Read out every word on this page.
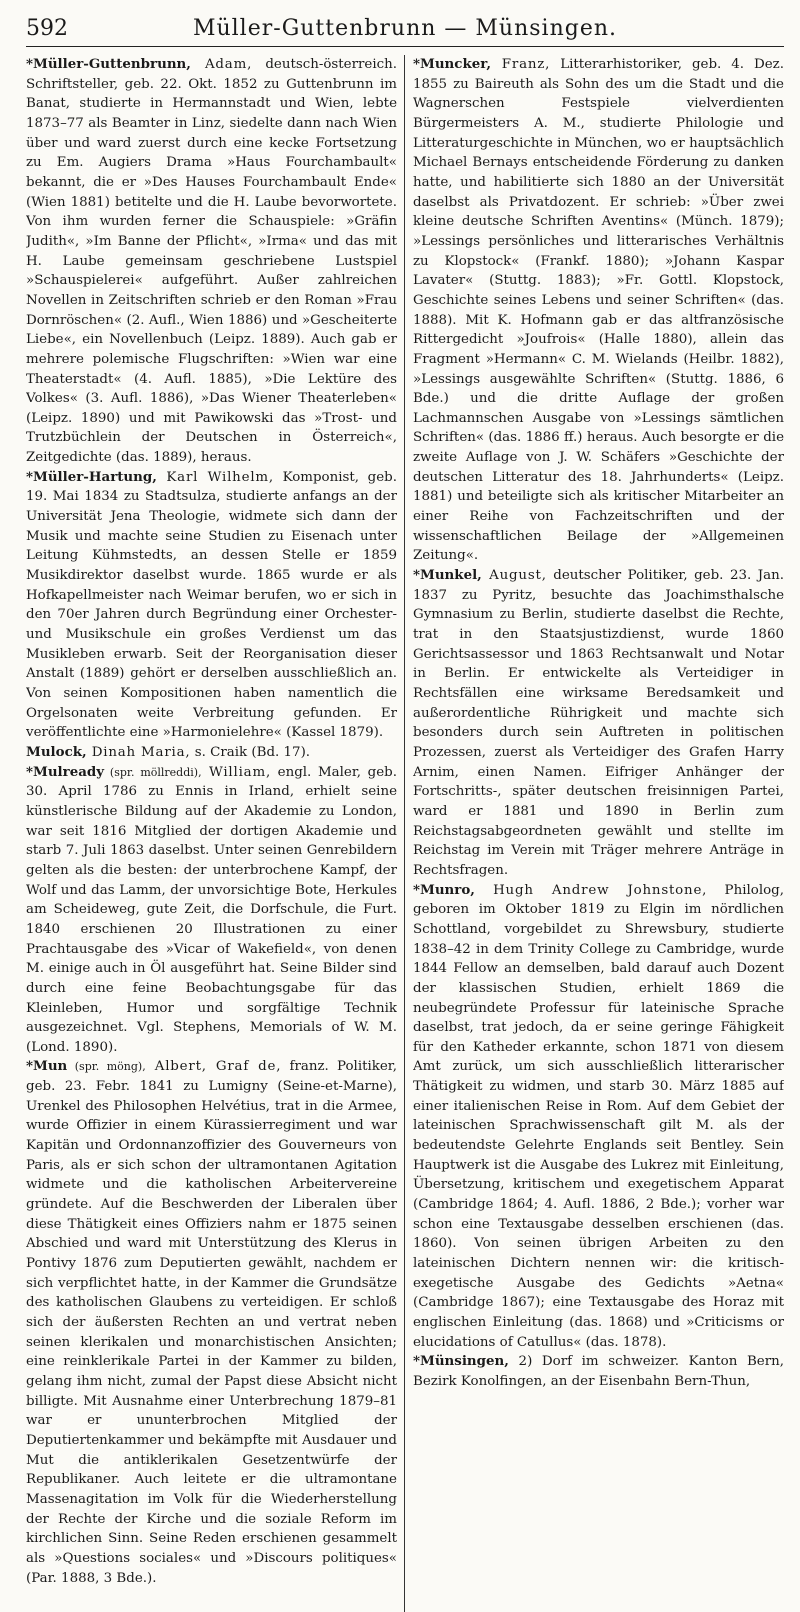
592	Müller-Guttenbrunn — Münsingen.

*Müller-Guttenbrunn, Adam, deutsch-österreich. Schriftsteller, geb. 22. Okt. 1852 zu Guttenbrunn im Banat, studierte in Hermannstadt und Wien, lebte 1873–77 als Beamter in Linz, siedelte dann nach Wien über und ward zuerst durch eine kecke Fortsetzung zu Em. Augiers Drama »Haus Fourchambault« bekannt, die er »Des Hauses Fourchambault Ende« (Wien 1881) betitelte und die H. Laube bevorwortete. Von ihm wurden ferner die Schauspiele: »Gräfin Judith«, »Im Banne der Pflicht«, »Irma« und das mit H. Laube gemeinsam geschriebene Lustspiel »Schauspielerei« aufgeführt. Außer zahlreichen Novellen in Zeitschriften schrieb er den Roman »Frau Dornröschen« (2. Aufl., Wien 1886) und »Gescheiterte Liebe«, ein Novellenbuch (Leipz. 1889). Auch gab er mehrere polemische Flugschriften: »Wien war eine Theaterstadt« (4. Aufl. 1885), »Die Lektüre des Volkes« (3. Aufl. 1886), »Das Wiener Theaterleben« (Leipz. 1890) und mit Pawikowski das »Trost- und Trutzbüchlein der Deutschen in Österreich«, Zeitgedichte (das. 1889), heraus.

*Müller-Hartung, Karl Wilhelm, Komponist, geb. 19. Mai 1834 zu Stadtsulza, studierte anfangs an der Universität Jena Theologie, widmete sich dann der Musik und machte seine Studien zu Eisenach unter Leitung Kühmstedts, an dessen Stelle er 1859 Musikdirektor daselbst wurde. 1865 wurde er als Hofkapellmeister nach Weimar berufen, wo er sich in den 70er Jahren durch Begründung einer Orchester- und Musikschule ein großes Verdienst um das Musikleben erwarb. Seit der Reorganisation dieser Anstalt (1889) gehört er derselben ausschließlich an. Von seinen Kompositionen haben namentlich die Orgelsonaten weite Verbreitung gefunden. Er veröffentlichte eine »Harmonielehre« (Kassel 1879).

Mulock, Dinah Maria, s. Craik (Bd. 17).

*Mulready (spr. möllreddi), William, engl. Maler, geb. 30. April 1786 zu Ennis in Irland, erhielt seine künstlerische Bildung auf der Akademie zu London, war seit 1816 Mitglied der dortigen Akademie und starb 7. Juli 1863 daselbst. Unter seinen Genrebildern gelten als die besten: der unterbrochene Kampf, der Wolf und das Lamm, der unvorsichtige Bote, Herkules am Scheideweg, gute Zeit, die Dorfschule, die Furt. 1840 erschienen 20 Illustrationen zu einer Prachtausgabe des »Vicar of Wakefield«, von denen M. einige auch in Öl ausgeführt hat. Seine Bilder sind durch eine feine Beobachtungsgabe für das Kleinleben, Humor und sorgfältige Technik ausgezeichnet. Vgl. Stephens, Memorials of W. M. (Lond. 1890).

*Mun (spr. möng), Albert, Graf de, franz. Politiker, geb. 23. Febr. 1841 zu Lumigny (Seine-et-Marne), Urenkel des Philosophen Helvétius, trat in die Armee, wurde Offizier in einem Kürassierregiment und war Kapitän und Ordonnanzoffizier des Gouverneurs von Paris, als er sich schon der ultramontanen Agitation widmete und die katholischen Arbeitervereine gründete. Auf die Beschwerden der Liberalen über diese Thätigkeit eines Offiziers nahm er 1875 seinen Abschied und ward mit Unterstützung des Klerus in Pontivy 1876 zum Deputierten gewählt, nachdem er sich verpflichtet hatte, in der Kammer die Grundsätze des katholischen Glaubens zu verteidigen. Er schloß sich der äußersten Rechten an und vertrat neben seinen klerikalen und monarchistischen Ansichten; eine reinklerikale Partei in der Kammer zu bilden, gelang ihm nicht, zumal der Papst diese Absicht nicht billigte. Mit Ausnahme einer Unterbrechung 1879–81 war er ununterbrochen Mitglied der Deputiertenkammer und bekämpfte mit Ausdauer und Mut die antiklerikalen Gesetzentwürfe der Republikaner. Auch leitete er die ultramontane Massenagitation im Volk für die Wiederherstellung der Rechte der Kirche und die soziale Reform im kirchlichen Sinn. Seine Reden erschienen gesammelt als »Questions sociales« und »Discours politiques« (Par. 1888, 3 Bde.).

*Muncker, Franz, Litterarhistoriker, geb. 4. Dez. 1855 zu Baireuth als Sohn des um die Stadt und die Wagnerschen Festspiele vielverdienten Bürgermeisters A. M., studierte Philologie und Litteraturgeschichte in München, wo er hauptsächlich Michael Bernays entscheidende Förderung zu danken hatte, und habilitierte sich 1880 an der Universität daselbst als Privatdozent. Er schrieb: »Über zwei kleine deutsche Schriften Aventins« (Münch. 1879); »Lessings persönliches und litterarisches Verhältnis zu Klopstock« (Frankf. 1880); »Johann Kaspar Lavater« (Stuttg. 1883); »Fr. Gottl. Klopstock, Geschichte seines Lebens und seiner Schriften« (das. 1888). Mit K. Hofmann gab er das altfranzösische Rittergedicht »Joufrois« (Halle 1880), allein das Fragment »Hermann« C. M. Wielands (Heilbr. 1882), »Lessings ausgewählte Schriften« (Stuttg. 1886, 6 Bde.) und die dritte Auflage der großen Lachmannschen Ausgabe von »Lessings sämtlichen Schriften« (das. 1886 ff.) heraus. Auch besorgte er die zweite Auflage von J. W. Schäfers »Geschichte der deutschen Litteratur des 18. Jahrhunderts« (Leipz. 1881) und beteiligte sich als kritischer Mitarbeiter an einer Reihe von Fachzeitschriften und der wissenschaftlichen Beilage der »Allgemeinen Zeitung«.

*Munkel, August, deutscher Politiker, geb. 23. Jan. 1837 zu Pyritz, besuchte das Joachimsthalsche Gymnasium zu Berlin, studierte daselbst die Rechte, trat in den Staatsjustizdienst, wurde 1860 Gerichtsassessor und 1863 Rechtsanwalt und Notar in Berlin. Er entwickelte als Verteidiger in Rechtsfällen eine wirksame Beredsamkeit und außerordentliche Rührigkeit und machte sich besonders durch sein Auftreten in politischen Prozessen, zuerst als Verteidiger des Grafen Harry Arnim, einen Namen. Eifriger Anhänger der Fortschritts-, später deutschen freisinnigen Partei, ward er 1881 und 1890 in Berlin zum Reichstagsabgeordneten gewählt und stellte im Reichstag im Verein mit Träger mehrere Anträge in Rechtsfragen.

*Munro, Hugh Andrew Johnstone, Philolog, geboren im Oktober 1819 zu Elgin im nördlichen Schottland, vorgebildet zu Shrewsbury, studierte 1838–42 in dem Trinity College zu Cambridge, wurde 1844 Fellow an demselben, bald darauf auch Dozent der klassischen Studien, erhielt 1869 die neubegründete Professur für lateinische Sprache daselbst, trat jedoch, da er seine geringe Fähigkeit für den Katheder erkannte, schon 1871 von diesem Amt zurück, um sich ausschließlich litterarischer Thätigkeit zu widmen, und starb 30. März 1885 auf einer italienischen Reise in Rom. Auf dem Gebiet der lateinischen Sprachwissenschaft gilt M. als der bedeutendste Gelehrte Englands seit Bentley. Sein Hauptwerk ist die Ausgabe des Lukrez mit Einleitung, Übersetzung, kritischem und exegetischem Apparat (Cambridge 1864; 4. Aufl. 1886, 2 Bde.); vorher war schon eine Textausgabe desselben erschienen (das. 1860). Von seinen übrigen Arbeiten zu den lateinischen Dichtern nennen wir: die kritisch-exegetische Ausgabe des Gedichts »Aetna« (Cambridge 1867); eine Textausgabe des Horaz mit englischen Einleitung (das. 1868) und »Criticisms or elucidations of Catullus« (das. 1878).

*Münsingen, 2) Dorf im schweizer. Kanton Bern, Bezirk Konolfingen, an der Eisenbahn Bern-Thun,
